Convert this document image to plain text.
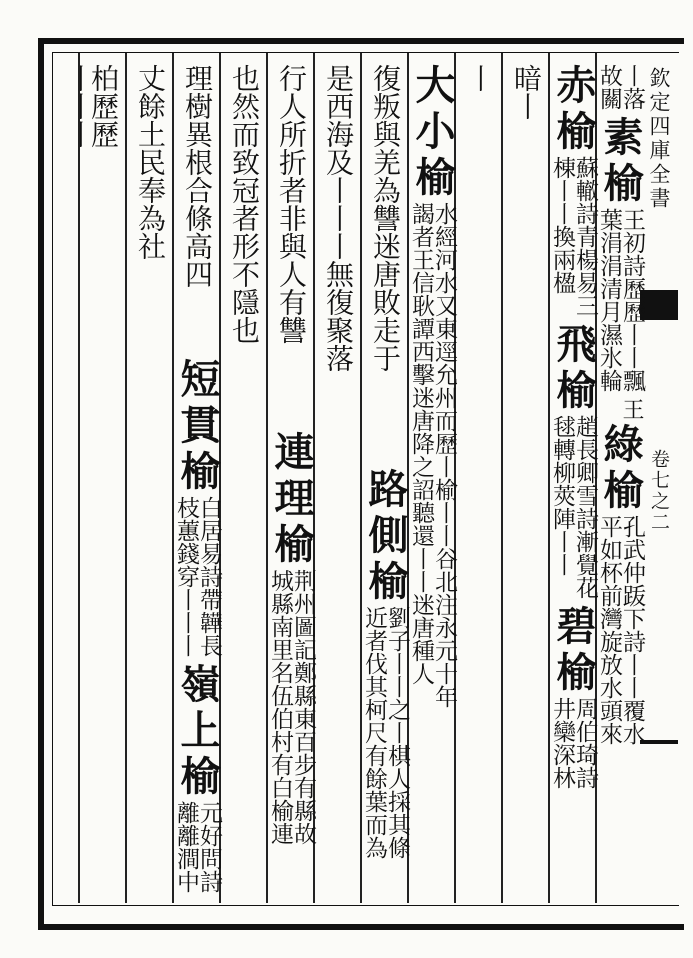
欽定四庫全書
卷七之二
丨落
故關
素
榆
王初詩歷歷丨丨飄
葉涓涓清月濕氷輪
王
綠
榆
孔武仲䟦下詩丨丨覆水
平如杯前灣旋放水頭來
赤
榆
蘇轍詩青楊易三
棟丨丨換兩楹
飛
榆
趙長卿雪詩漸覺花
毬轉柳莢陣丨丨
碧
榆
周伯琦詩
井欒深林
暗丨
丨
大
小
榆
水經河水又東逕允州而歷丨榆丨丨谷北注永元十年
謁者王信耿譚西擊迷唐降之詔聽還丨丨迷唐種人
復叛與羌為讐迷唐敗走于
路
側
榆
劉子丨丨之丨棋人採其條
近者伐其柯尺有餘葉而為
是西海及丨丨丨無復聚落
行人所折者非與人有讐
連
理
榆
荆州圖記鄭縣東百步有縣故
城縣南里名伍伯村有白榆連
也然而致冠者形不隱也
理樹異根合條高四
短
貫
榆
白居易詩帶韡長
枝蕙錢穿丨丨丨
嶺
上
榆
元好問詩
離離澗中
丈餘土民奉為社
柏歷歷
丨丨丨
